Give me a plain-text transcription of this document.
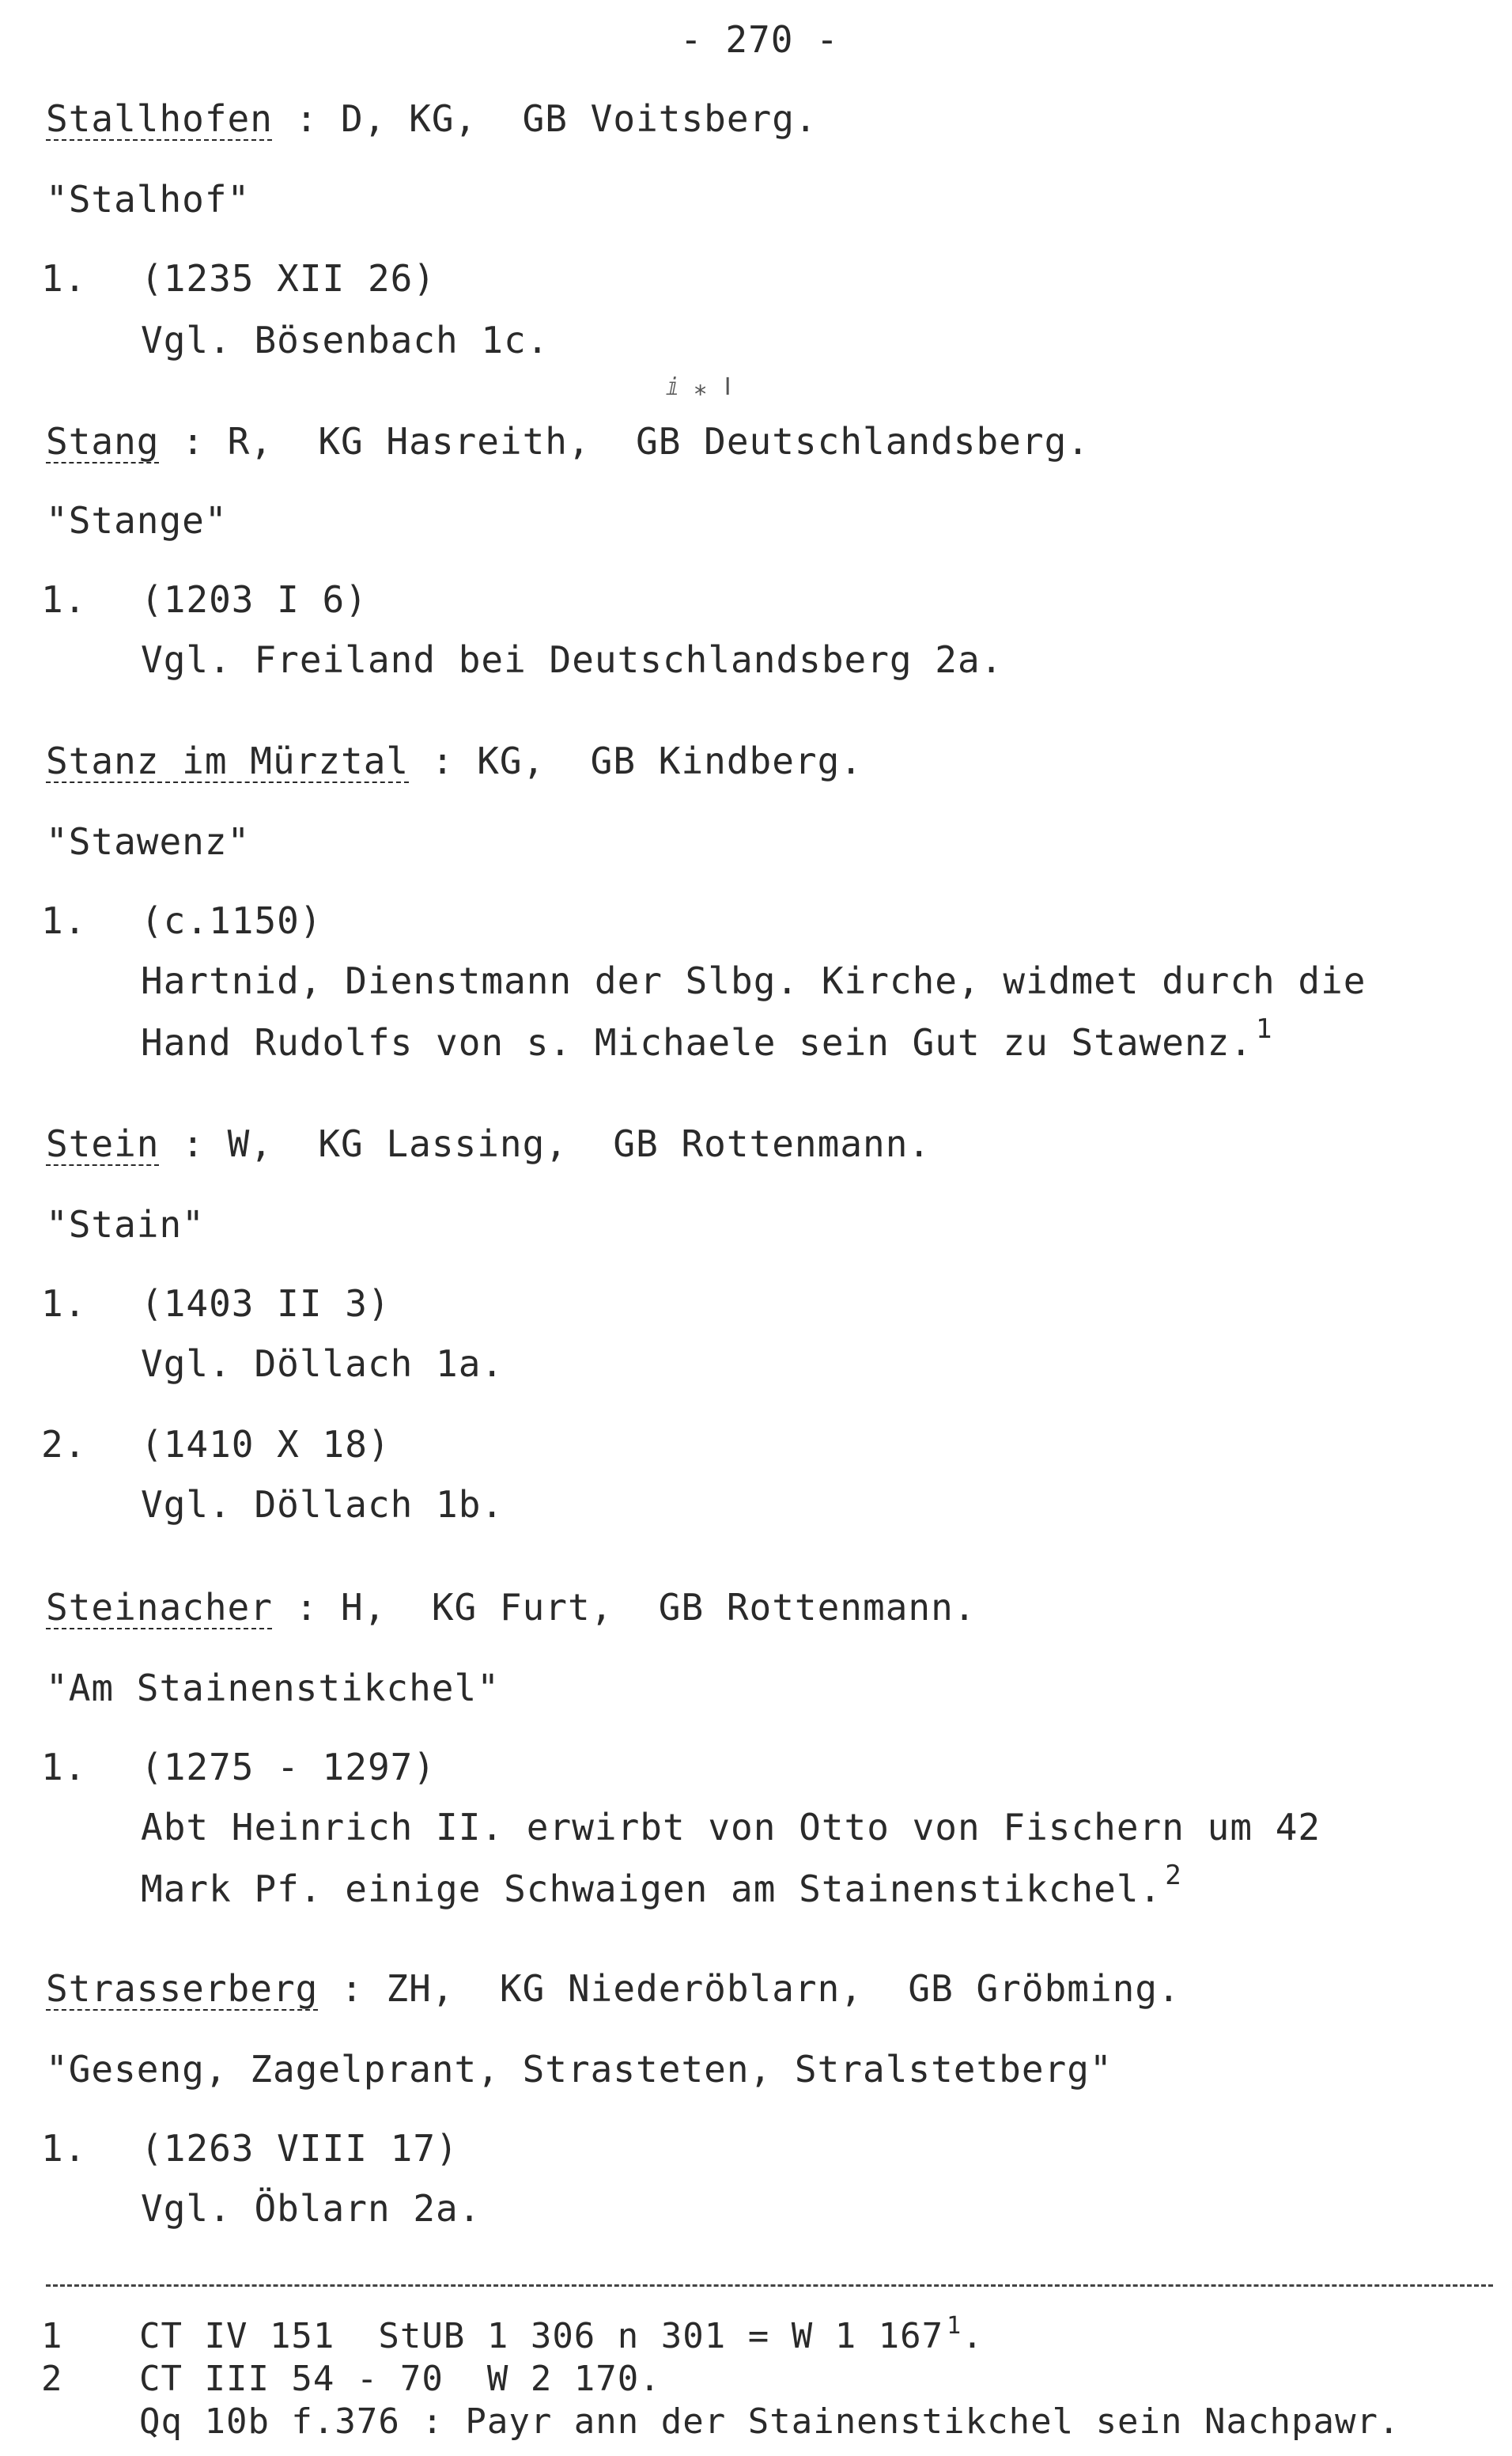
- 270 -
Stallhofen : D, KG,  GB Voitsberg.
"Stalhof"
1. (1235 XII 26)
Vgl. Bösenbach 1c.
ⅈ ⁎ ǀ
Stang : R,  KG Hasreith,  GB Deutschlandsberg.
"Stange"
1. (1203 I 6)
Vgl. Freiland bei Deutschlandsberg 2a.
Stanz im Mürztal : KG,  GB Kindberg.
"Stawenz"
1. (c.1150)
Hartnid, Dienstmann der Slbg. Kirche, widmet durch die
Hand Rudolfs von s. Michaele sein Gut zu Stawenz. $^1$
Stein : W,  KG Lassing,  GB Rottenmann.
"Stain"
1. (1403 II 3)
Vgl. Döllach 1a.
2. (1410 X 18)
Vgl. Döllach 1b.
Steinacher : H,  KG Furt,  GB Rottenmann.
"Am Stainenstikchel"
1. (1275 - 1297)
Abt Heinrich II. erwirbt von Otto von Fischern um 42
Mark Pf. einige Schwaigen am Stainenstikchel. $^2$
Strasserberg : ZH,  KG Niederöblarn,  GB Gröbming.
"Geseng, Zagelprant, Strasteten, Stralstetberg"
1. (1263 VIII 17)
Vgl. Öblarn 2a.
1 CT IV 151  StUB 1 306 n 301 = W 1 167 $^1$.
2 CT III 54 - 70  W 2 170.
Qq 10b f.376 : Payr ann der Stainenstikchel sein Nachpawr.
